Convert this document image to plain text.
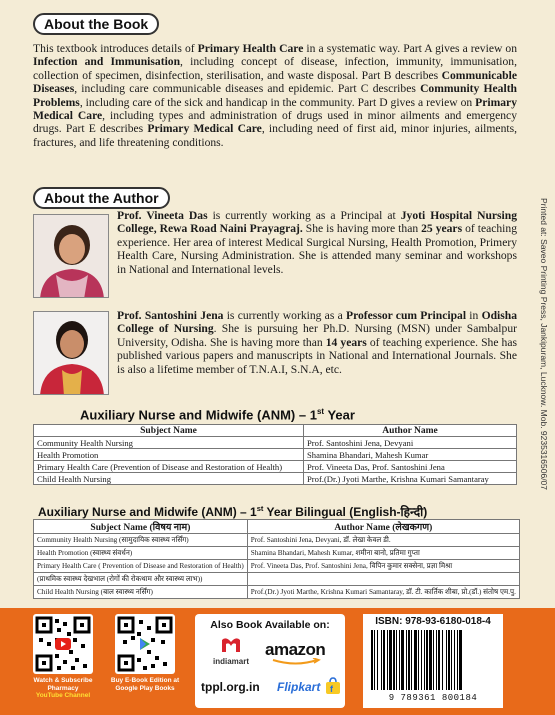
About the Book
This textbook introduces details of Primary Health Care in a systematic way. Part A gives a review on Infection and Immunisation, including concept of disease, infection, immunity, immunisation, collection of specimen, disinfection, sterilisation, and waste disposal. Part B describes Communicable Diseases, including care communicable diseases and epidemic. Part C describes Community Health Problems, including care of the sick and handicap in the community. Part D gives a review on Primary Medical Care, including types and administration of drugs used in minor ailments and emergency drugs. Part E describes Primary Medical Care, including need of first aid, minor injuries, ailments, fractures, and life threatening conditions.
About the Author
Prof. Vineeta Das is currently working as a Principal at Jyoti Hospital Nursing College, Rewa Road Naini Prayagraj. She is having more than 25 years of teaching experience. Her area of interest Medical Surgical Nursing, Health Promotion, Primery Health Care, Nursing Administration. She is attended many seminar and workshops in National and International levels.
Prof. Santoshini Jena is currently working as a Professor cum Principal in Odisha College of Nursing. She is pursuing her Ph.D. Nursing (MSN) under Sambalpur University, Odisha. She is having more than 14 years of teaching experience. She has published various papers and manuscripts in National and International Journals. She is also a lifetime member of T.N.A.I, S.N.A, etc.	Printed at: Saveo Printing Press, Jankipuram, Lucknow. Mob. 9235316506/07
Auxiliary Nurse and Midwife (ANM) – 1st Year
Subject Name	Author Name
Community Health Nursing	Prof. Santoshini Jena, Devyani
Health Promotion	Shamina Bhandari, Mahesh Kumar
Primary Health Care (Prevention of Disease and Restoration of Health)	Prof. Vineeta Das, Prof. Santoshini Jena
Child Health Nursing	Prof.(Dr.) Jyoti Marthe, Krishna Kumari Samantaray
Auxiliary Nurse and Midwife (ANM) – 1st Year Bilingual (English-हिन्दी)
Subject Name (विषय नाम)	Author Name (लेखकगण)
Community Health Nursing (सामुदायिक स्वास्थ्य नर्सिंग)	Prof. Santoshini Jena, Devyani, डॉ. लेखा केवल डी.
Health Promotion (स्वास्थ्य संवर्धन)	Shamina Bhandari, Mahesh Kumar, शमीना बानो, प्रतिमा गुप्ता
Primary Health Care ( Prevention of Disease and Restoration of Health)	Prof. Vineeta Das, Prof. Santoshini Jena, विपिन कुमार सक्सेना, प्रज्ञा मिश्रा
(प्राथमिक स्वास्थ्य देखभाल (रोगों की रोकथाम और स्वास्थ्य लाभ))	
Child Health Nursing (बाल स्वास्थ्य नर्सिंग)	Prof.(Dr.) Jyoti Marthe, Krishna Kumari Samantaray, डॉ. टी. कार्तिक शीबा, प्रो.(डॉ.) संतोष एम.पु.
Watch & Subscribe
Pharmacy
YouTube Channel
Buy E-Book Edition at
Google Play Books
Also Book Available on:
indiamart
amazon
tppl.org.in Flipkart f
ISBN: 978-93-6180-018-4
9 789361 800184
